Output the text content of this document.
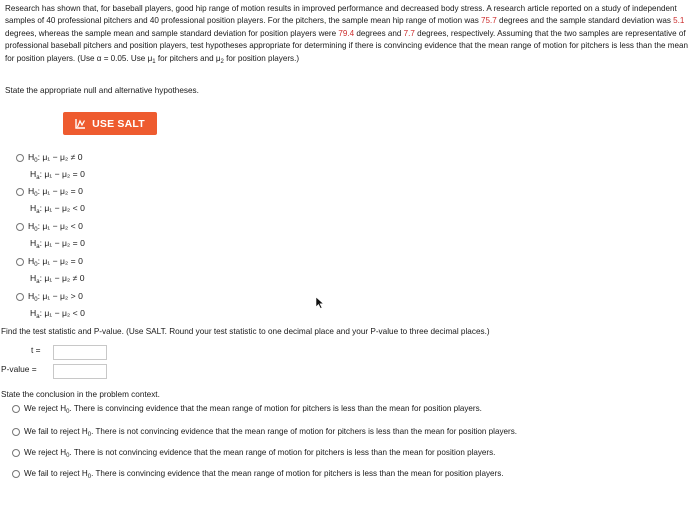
Research has shown that, for baseball players, good hip range of motion results in improved performance and decreased body stress. A research article reported on a study of independent samples of 40 professional pitchers and 40 professional position players. For the pitchers, the sample mean hip range of motion was 75.7 degrees and the sample standard deviation was 5.1 degrees, whereas the sample mean and sample standard deviation for position players were 79.4 degrees and 7.7 degrees, respectively. Assuming that the two samples are representative of professional baseball pitchers and position players, test hypotheses appropriate for determining if there is convincing evidence that the mean range of motion for pitchers is less than the mean for position players. (Use α = 0.05. Use $\mu_1$ for pitchers and $\mu_2$ for position players.)
State the appropriate null and alternative hypotheses.
USE SALT
$H_0$: μ₁ − μ₂ ≠ 0
$H_a$: μ₁ − μ₂ = 0
$H_0$: μ₁ − μ₂ = 0
$H_a$: μ₁ − μ₂ < 0
$H_0$: μ₁ − μ₂ < 0
$H_a$: μ₁ − μ₂ = 0
$H_0$: μ₁ − μ₂ = 0
$H_a$: μ₁ − μ₂ ≠ 0
$H_0$: μ₁ − μ₂ > 0
$H_a$: μ₁ − μ₂ < 0
Find the test statistic and P-value. (Use SALT. Round your test statistic to one decimal place and your P-value to three decimal places.)
t =
P-value =
State the conclusion in the problem context.
We reject $H_0$. There is convincing evidence that the mean range of motion for pitchers is less than the mean for position players.
We fail to reject $H_0$. There is not convincing evidence that the mean range of motion for pitchers is less than the mean for position players.
We reject $H_0$. There is not convincing evidence that the mean range of motion for pitchers is less than the mean for position players.
We fail to reject $H_0$. There is convincing evidence that the mean range of motion for pitchers is less than the mean for position players.
